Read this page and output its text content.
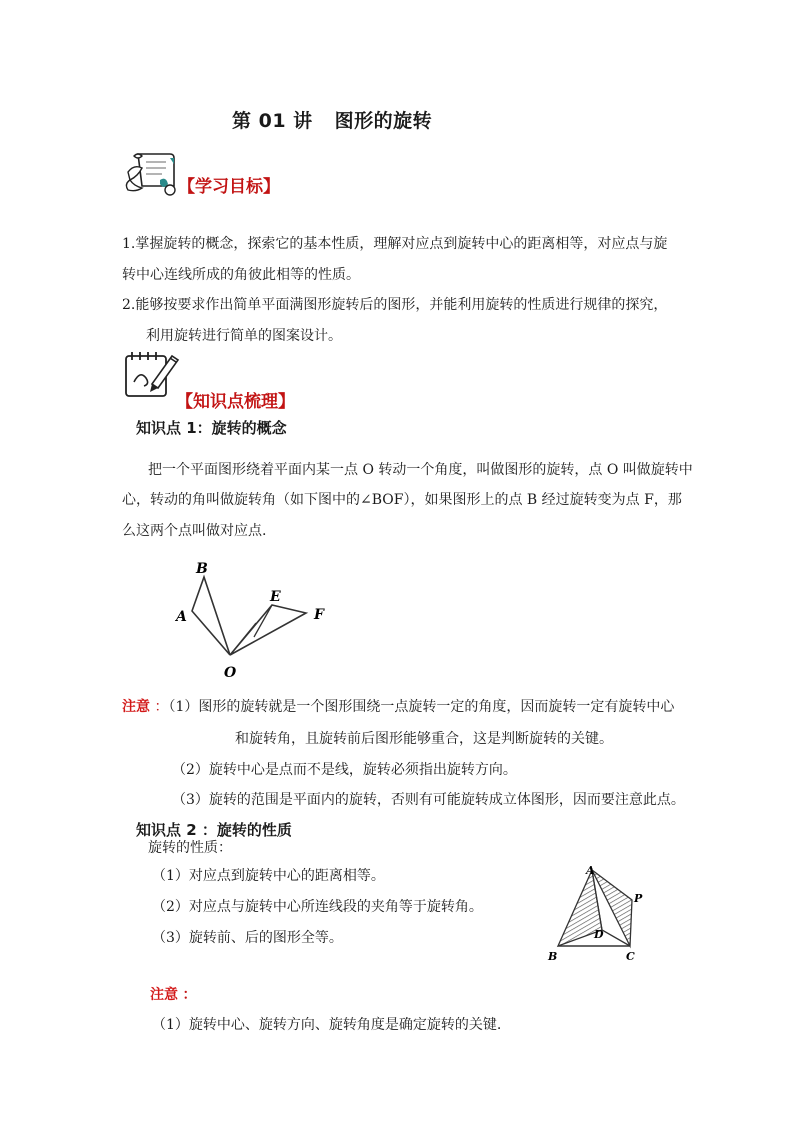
第 01 讲 图形的旋转
【学习目标】
1.掌握旋转的概念，探索它的基本性质，理解对应点到旋转中心的距离相等，对应点与旋
转中心连线所成的角彼此相等的性质。
2.能够按要求作出简单平面满图形旋转后的图形，并能利用旋转的性质进行规律的探究，
利用旋转进行简单的图案设计。
【知识点梳理】
知识点 1：旋转的概念
把一个平面图形绕着平面内某一点 O 转动一个角度，叫做图形的旋转，点 O 叫做旋转中
心，转动的角叫做旋转角（如下图中的∠BOF），如果图形上的点 B 经过旋转变为点 F，那
么这两个点叫做对应点.
B
A
E
F
O
注意 ：（1）图形的旋转就是一个图形围绕一点旋转一定的角度，因而旋转一定有旋转中心
和旋转角，且旋转前后图形能够重合，这是判断旋转的关键。
（2）旋转中心是点而不是线，旋转必须指出旋转方向。
（3）旋转的范围是平面内的旋转，否则有可能旋转成立体图形，因而要注意此点。
知识点 2 ：旋转的性质
旋转的性质：
（1）对应点到旋转中心的距离相等。
（2）对应点与旋转中心所连线段的夹角等于旋转角。
（3）旋转前、后的图形全等。
A
P
D
B	C
注意 ：
（1）旋转中心、旋转方向、旋转角度是确定旋转的关键.
